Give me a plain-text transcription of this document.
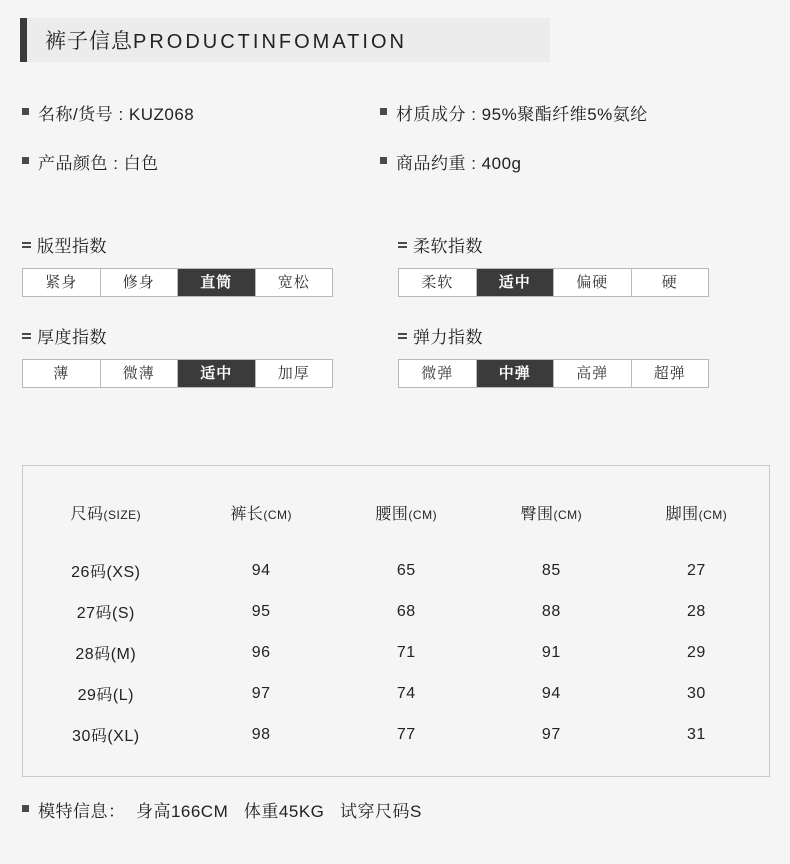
裤子信息PRODUCTINFOMATION
名称/货号 : KUZ068	材质成分 : 95%聚酯纤维5%氨纶
产品颜色 : 白色	商品约重 : 400g
版型指数
紧身	修身	直筒	宽松
柔软指数
柔软	适中	偏硬	硬
厚度指数
薄	微薄	适中	加厚
弹力指数
微弹	中弹	高弹	超弹
尺码(SIZE)	裤长(CM)	腰围(CM)	臀围(CM)	脚围(CM)
26码(XS)	94	65	85	27
27码(S)	95	68	88	28
28码(M)	96	71	91	29
29码(L)	97	74	94	30
30码(XL)	98	77	97	31
模特信息：  身高166CM   体重45KG   试穿尺码S
